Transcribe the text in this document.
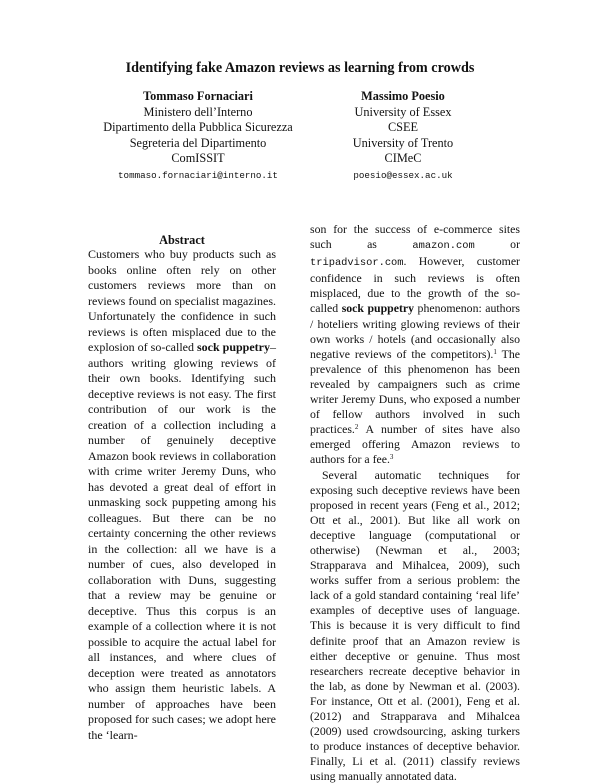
Identifying fake Amazon reviews as learning from crowds
Tommaso Fornaciari
Ministero dell’Interno
Dipartimento della Pubblica Sicurezza
Segreteria del Dipartimento
ComISSIT
tommaso.fornaciari@interno.it
Massimo Poesio
University of Essex
CSEE
University of Trento
CIMeC
poesio@essex.ac.uk
Abstract

Customers who buy products such as books online often rely on other customers reviews more than on reviews found on specialist magazines. Unfortunately the confidence in such reviews is often misplaced due to the explosion of so-called sock puppetry–authors writing glowing reviews of their own books. Identifying such deceptive reviews is not easy. The first contribution of our work is the creation of a collection including a number of genuinely deceptive Amazon book reviews in collaboration with crime writer Jeremy Duns, who has devoted a great deal of effort in unmasking sock puppeting among his colleagues. But there can be no certainty concerning the other reviews in the collection: all we have is a number of cues, also developed in collaboration with Duns, suggesting that a review may be genuine or deceptive. Thus this corpus is an example of a collection where it is not possible to acquire the actual label for all instances, and where clues of deception were treated as annotators who assign them heuristic labels. A number of approaches have been proposed for such cases; we adopt here the ‘learn-

son for the success of e-commerce sites such as	amazon.com	or tripadvisor.com. However, customer confidence in such reviews is often misplaced, due to the growth of the so-called sock puppetry phenomenon: authors / hoteliers writing glowing reviews of their own works / hotels (and occasionally also negative reviews of the competitors).$^1$ The prevalence of this phenomenon has been revealed by campaigners such as crime writer Jeremy Duns, who exposed a number of fellow authors involved in such practices.$^2$ A number of sites have also emerged offering Amazon reviews to authors for a fee.$^3$

Several automatic techniques for exposing such deceptive reviews have been proposed in recent years (Feng et al., 2012; Ott et al., 2001). But like all work on deceptive language (computational or otherwise) (Newman et al., 2003; Strapparava and Mihalcea, 2009), such works suffer from a serious problem: the lack of a gold standard containing ‘real life’ examples of deceptive uses of language. This is because it is very difficult to find definite proof that an Amazon review is either deceptive or genuine. Thus most researchers recreate deceptive behavior in the lab, as done by Newman et al. (2003). For instance, Ott et al. (2001), Feng et al. (2012) and Strapparava and Mihalcea (2009) used crowdsourcing, asking turkers to produce instances of deceptive behavior. Finally, Li et al. (2011) classify reviews using manually annotated data.
